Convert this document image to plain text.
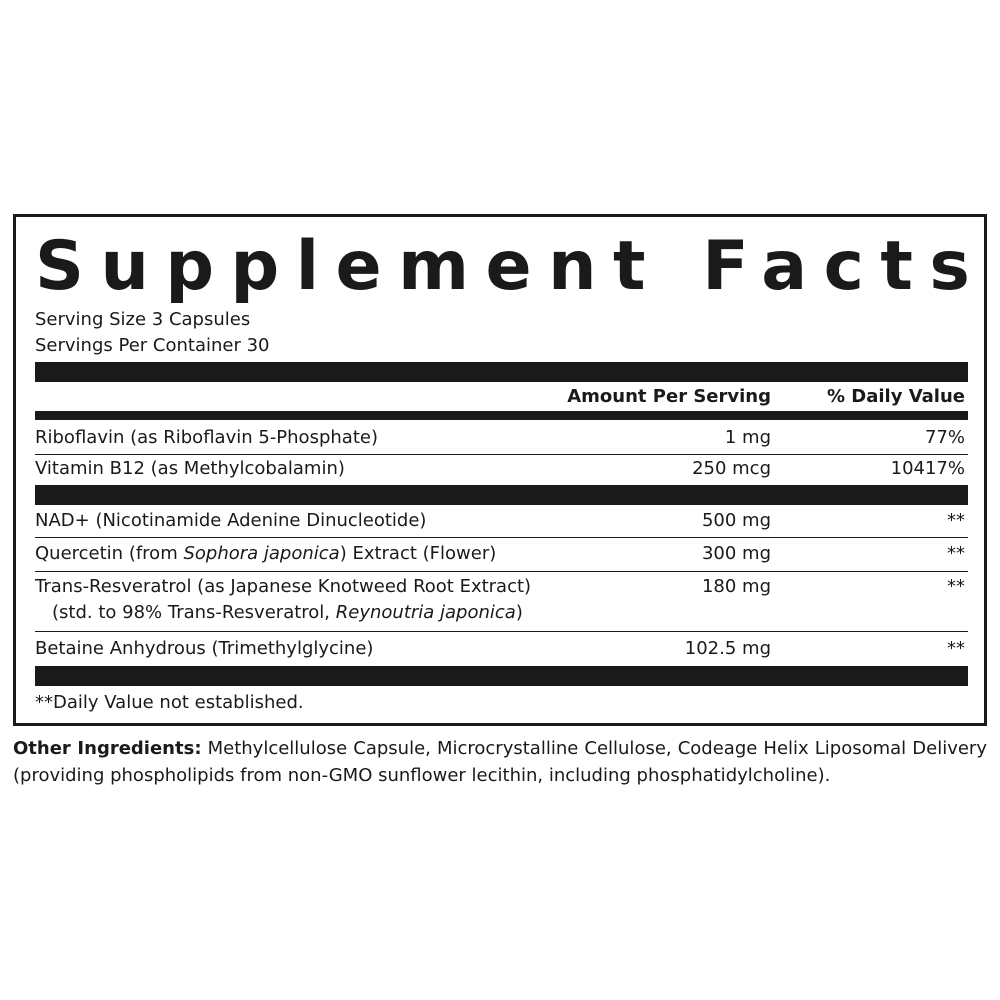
Supplement Facts
Serving Size 3 Capsules
Servings Per Container 30
Amount Per Serving	% Daily Value
Riboflavin (as Riboflavin 5-Phosphate)	1 mg	77%
Vitamin B12 (as Methylcobalamin)	250 mcg	10417%
NAD+ (Nicotinamide Adenine Dinucleotide)	500 mg	**
Quercetin (from Sophora japonica) Extract (Flower)	300 mg	**
Trans-Resveratrol (as Japanese Knotweed Root Extract)
(std. to 98% Trans-Resveratrol, Reynoutria japonica)
180 mg	**
Betaine Anhydrous (Trimethylglycine)	102.5 mg	**
**Daily Value not established.
Other Ingredients: Methylcellulose Capsule, Microcrystalline Cellulose, Codeage Helix Liposomal Delivery (providing phospholipids from non-GMO sunflower lecithin, including phosphatidylcholine).
